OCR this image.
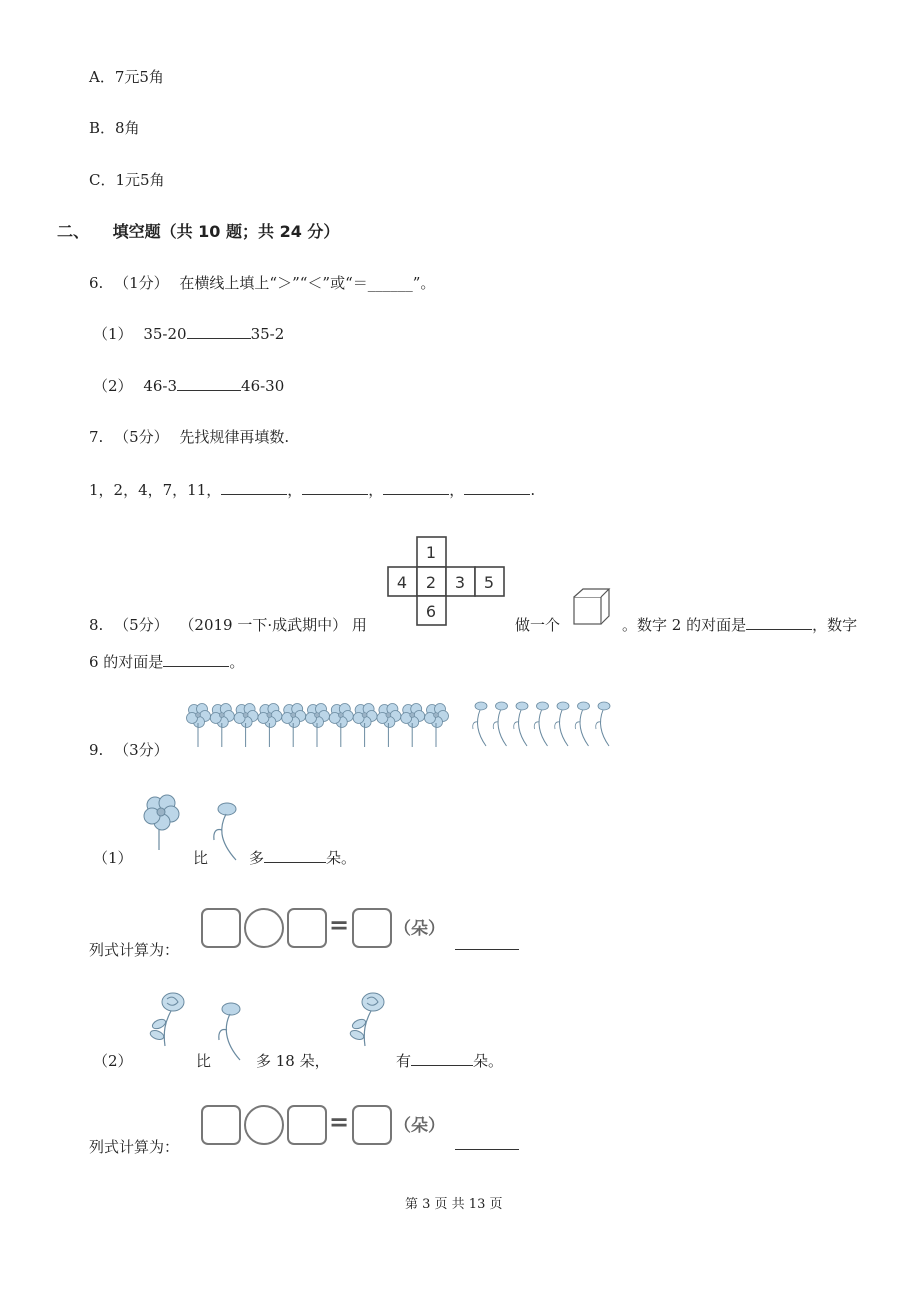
A．7元5角
B．8角
C．1元5角
二、 填空题（共 10 题；共 24 分）
6. （1分） 在横线上填上“＞”“＜”或“＝______”。
（1） 35-20	35-2
（2） 46-3	46-30
7. （5分） 先找规律再填数.
1，2，4，7，11，	，	，	，	.
8. （5分） （2019 一下·成武期中） 用
1
4 2 3 5
6
做一个	。数字 2 的对面是	，数字
6 的对面是	。
9. （3分）
（1）	比	多	朵。
列式计算为：
=	（朵）
（2）	比	多 18 朵，	有	朵。
列式计算为：
=	（朵）
第 3 页 共 13 页
